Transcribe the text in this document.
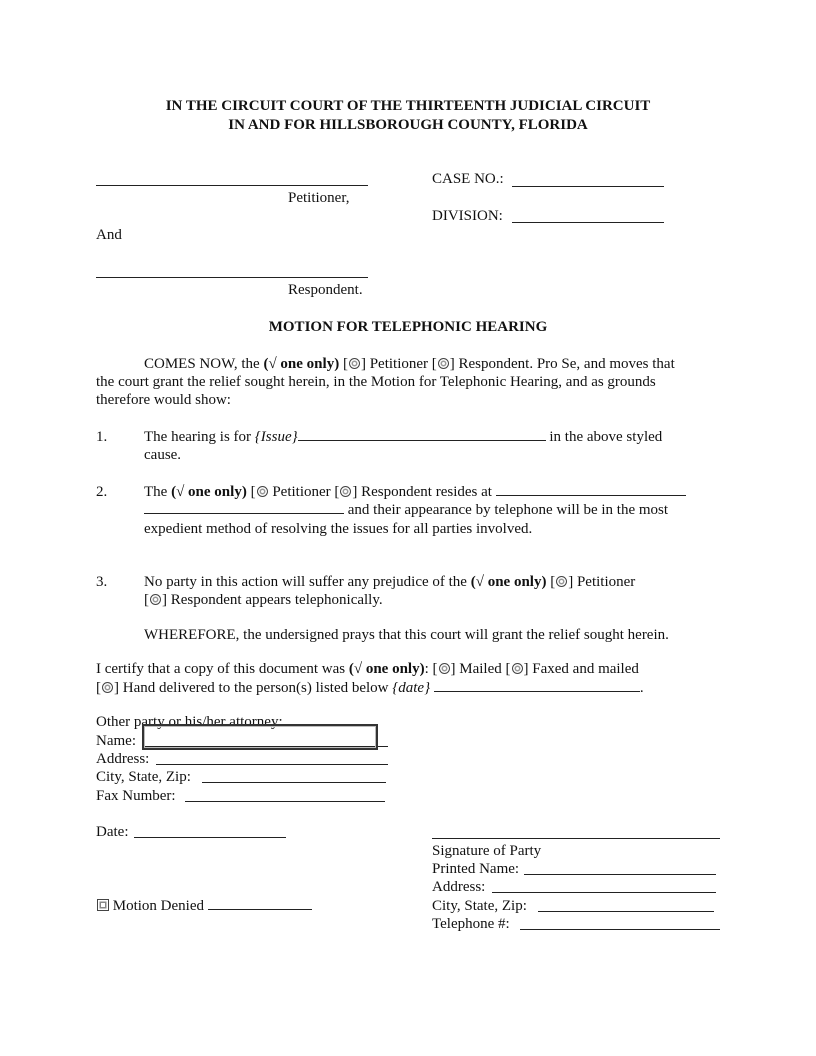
IN THE CIRCUIT COURT OF THE THIRTEENTH JUDICIAL CIRCUIT
IN AND FOR HILLSBOROUGH COUNTY, FLORIDA
Petitioner,
And
Respondent.
CASE NO.:
DIVISION:
MOTION FOR TELEPHONIC HEARING
COMES NOW, the (√ one only) [ ] Petitioner [ ] Respondent. Pro Se, and moves that
the court grant the relief sought herein, in the Motion for Telephonic Hearing, and as grounds
therefore would show:
1. The hearing is for {Issue}	in the above styled
cause.
2. The (√ one only) [ Petitioner [ ] Respondent resides at
and their appearance by telephone will be in the most
expedient method of resolving the issues for all parties involved.
3. No party in this action will suffer any prejudice of the (√ one only) [ ] Petitioner
[ ] Respondent appears telephonically.
WHEREFORE, the undersigned prays that this court will grant the relief sought herein.
I certify that a copy of this document was (√ one only): [ ] Mailed [ ] Faxed and mailed
[ ] Hand delivered to the person(s) listed below {date}	.
Other party or his/her attorney:
Name:
Address:
City, State, Zip:
Fax Number:
Date:
Signature of Party
Printed Name:
Address:
City, State, Zip:
Telephone #:
Motion Denied
